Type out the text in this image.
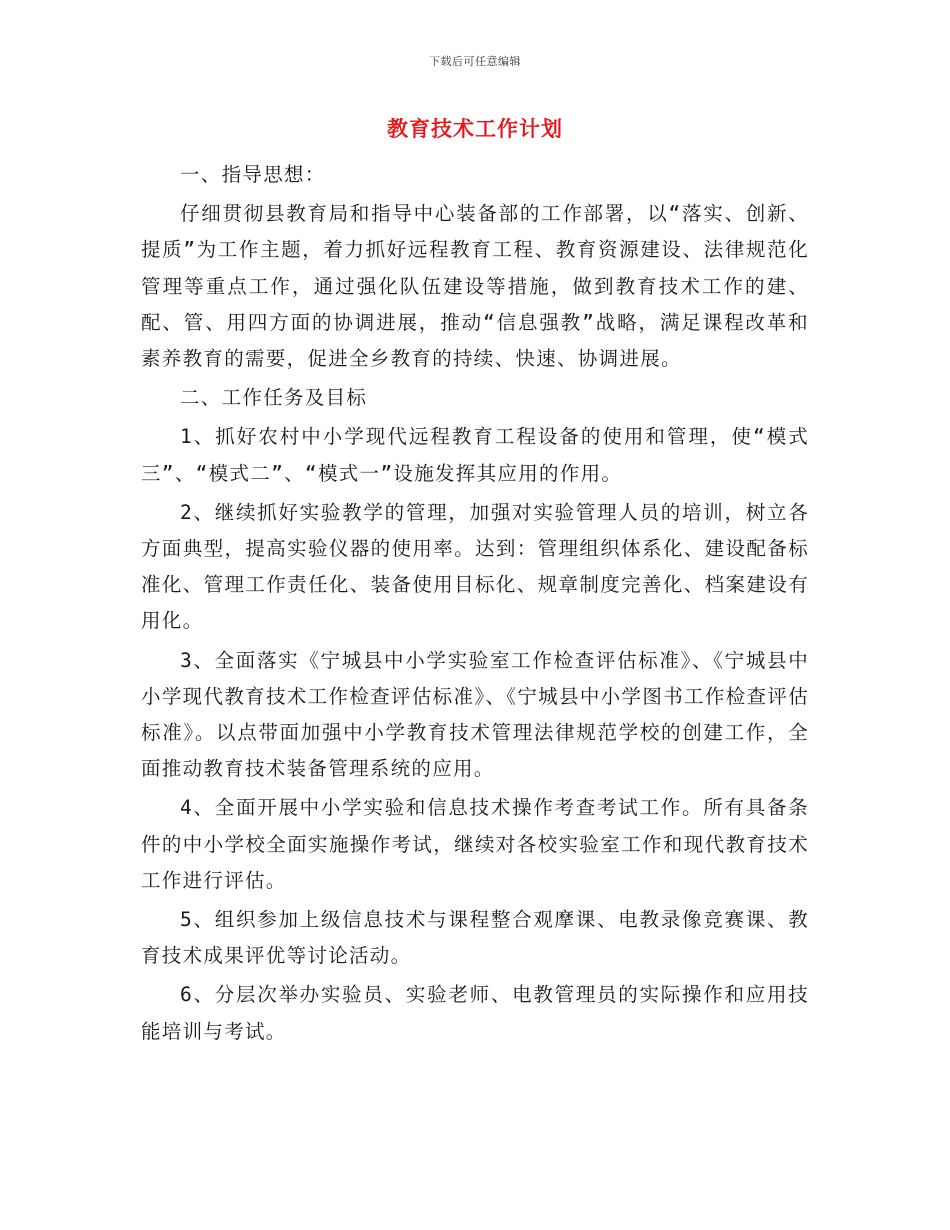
下载后可任意编辑
教育技术工作计划

一、指导思想：

仔细贯彻县教育局和指导中心装备部的工作部署，以“落实、创新、提质”为工作主题，着力抓好远程教育工程、教育资源建设、法律规范化管理等重点工作，通过强化队伍建设等措施，做到教育技术工作的建、配、管、用四方面的协调进展，推动“信息强教”战略，满足课程改革和素养教育的需要，促进全乡教育的持续、快速、协调进展。

二、工作任务及目标

1、抓好农村中小学现代远程教育工程设备的使用和管理，使“模式三”、“模式二”、“模式一”设施发挥其应用的作用。

2、继续抓好实验教学的管理，加强对实验管理人员的培训，树立各方面典型，提高实验仪器的使用率。达到：管理组织体系化、建设配备标准化、管理工作责任化、装备使用目标化、规章制度完善化、档案建设有用化。

3、全面落实《宁城县中小学实验室工作检查评估标准》、《宁城县中小学现代教育技术工作检查评估标准》、《宁城县中小学图书工作检查评估标准》。以点带面加强中小学教育技术管理法律规范学校的创建工作，全面推动教育技术装备管理系统的应用。

4、全面开展中小学实验和信息技术操作考查考试工作。所有具备条件的中小学校全面实施操作考试，继续对各校实验室工作和现代教育技术工作进行评估。

5、组织参加上级信息技术与课程整合观摩课、电教录像竞赛课、教育技术成果评优等讨论活动。

6、分层次举办实验员、实验老师、电教管理员的实际操作和应用技能培训与考试。
